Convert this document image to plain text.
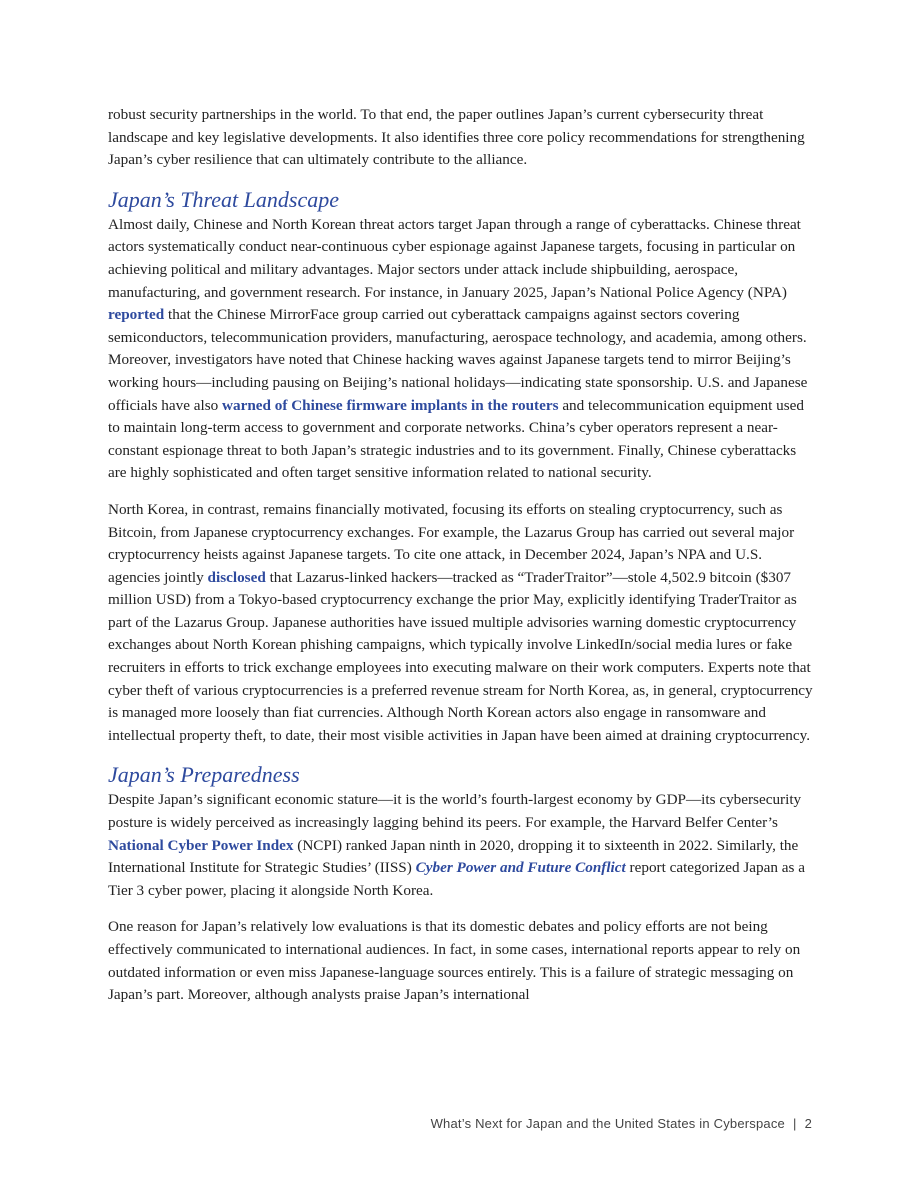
robust security partnerships in the world. To that end, the paper outlines Japan’s current cybersecurity threat landscape and key legislative developments. It also identifies three core policy recommendations for strengthening Japan’s cyber resilience that can ultimately contribute to the alliance.

Japan’s Threat Landscape

Almost daily, Chinese and North Korean threat actors target Japan through a range of cyberattacks. Chinese threat actors systematically conduct near-continuous cyber espionage against Japanese targets, focusing in particular on achieving political and military advantages. Major sectors under attack include shipbuilding, aerospace, manufacturing, and government research. For instance, in January 2025, Japan’s National Police Agency (NPA) reported that the Chinese MirrorFace group carried out cyberattack campaigns against sectors covering semiconductors, telecommunication providers, manufacturing, aerospace technology, and academia, among others. Moreover, investigators have noted that Chinese hacking waves against Japanese targets tend to mirror Beijing’s working hours—including pausing on Beijing’s national holidays—indicating state sponsorship. U.S. and Japanese officials have also warned of Chinese firmware implants in the routers and telecommunication equipment used to maintain long-term access to government and corporate networks. China’s cyber operators represent a near-constant espionage threat to both Japan’s strategic industries and to its government. Finally, Chinese cyberattacks are highly sophisticated and often target sensitive information related to national security.

North Korea, in contrast, remains financially motivated, focusing its efforts on stealing cryptocurrency, such as Bitcoin, from Japanese cryptocurrency exchanges. For example, the Lazarus Group has carried out several major cryptocurrency heists against Japanese targets. To cite one attack, in December 2024, Japan’s NPA and U.S. agencies jointly disclosed that Lazarus-linked hackers—tracked as “TraderTraitor”—stole 4,502.9 bitcoin ($307 million USD) from a Tokyo-based cryptocurrency exchange the prior May, explicitly identifying TraderTraitor as part of the Lazarus Group. Japanese authorities have issued multiple advisories warning domestic cryptocurrency exchanges about North Korean phishing campaigns, which typically involve LinkedIn/social media lures or fake recruiters in efforts to trick exchange employees into executing malware on their work computers. Experts note that cyber theft of various cryptocurrencies is a preferred revenue stream for North Korea, as, in general, cryptocurrency is managed more loosely than fiat currencies. Although North Korean actors also engage in ransomware and intellectual property theft, to date, their most visible activities in Japan have been aimed at draining cryptocurrency.

Japan’s Preparedness

Despite Japan’s significant economic stature—it is the world’s fourth-largest economy by GDP—its cybersecurity posture is widely perceived as increasingly lagging behind its peers. For example, the Harvard Belfer Center’s National Cyber Power Index (NCPI) ranked Japan ninth in 2020, dropping it to sixteenth in 2022. Similarly, the International Institute for Strategic Studies’ (IISS) Cyber Power and Future Conflict report categorized Japan as a Tier 3 cyber power, placing it alongside North Korea.

One reason for Japan’s relatively low evaluations is that its domestic debates and policy efforts are not being effectively communicated to international audiences. In fact, in some cases, international reports appear to rely on outdated information or even miss Japanese-language sources entirely. This is a failure of strategic messaging on Japan’s part. Moreover, although analysts praise Japan’s international

What’s Next for Japan and the United States in Cyberspace | 2
